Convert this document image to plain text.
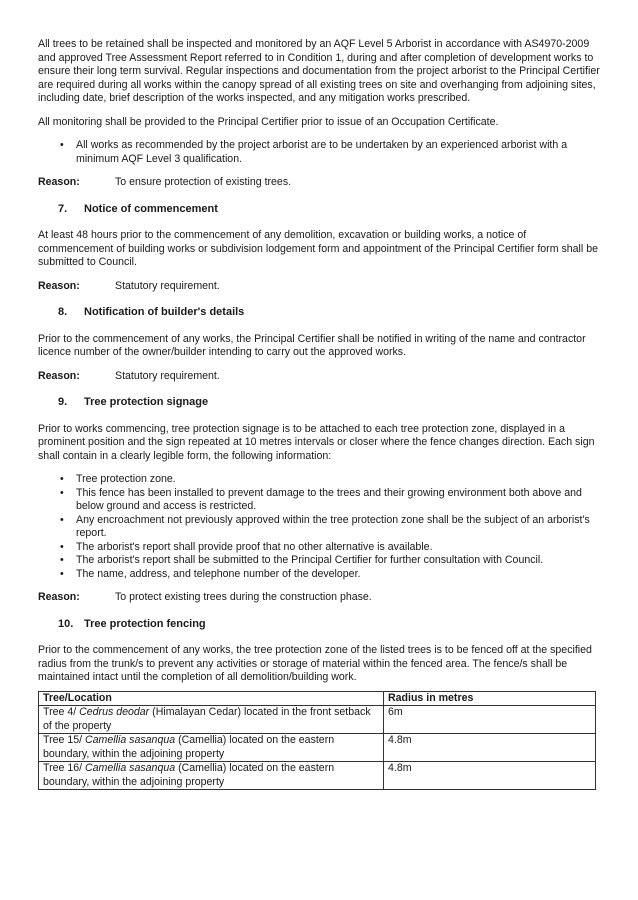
All trees to be retained shall be inspected and monitored by an AQF Level 5 Arborist in accordance with AS4970-2009 and approved Tree Assessment Report referred to in Condition 1, during and after completion of development works to ensure their long term survival. Regular inspections and documentation from the project arborist to the Principal Certifier are required during all works within the canopy spread of all existing trees on site and overhanging from adjoining sites, including date, brief description of the works inspected, and any mitigation works prescribed.

All monitoring shall be provided to the Principal Certifier prior to issue of an Occupation Certificate.

• All works as recommended by the project arborist are to be undertaken by an experienced arborist with a minimum AQF Level 3 qualification.

Reason:	To ensure protection of existing trees.

7. Notice of commencement

At least 48 hours prior to the commencement of any demolition, excavation or building works, a notice of commencement of building works or subdivision lodgement form and appointment of the Principal Certifier form shall be submitted to Council.

Reason:	Statutory requirement.

8. Notification of builder's details

Prior to the commencement of any works, the Principal Certifier shall be notified in writing of the name and contractor licence number of the owner/builder intending to carry out the approved works.

Reason:	Statutory requirement.

9. Tree protection signage

Prior to works commencing, tree protection signage is to be attached to each tree protection zone, displayed in a prominent position and the sign repeated at 10 metres intervals or closer where the fence changes direction. Each sign shall contain in a clearly legible form, the following information:

• Tree protection zone.
• This fence has been installed to prevent damage to the trees and their growing environment both above and below ground and access is restricted.
• Any encroachment not previously approved within the tree protection zone shall be the subject of an arborist's report.
• The arborist's report shall provide proof that no other alternative is available.
• The arborist's report shall be submitted to the Principal Certifier for further consultation with Council.
• The name, address, and telephone number of the developer.

Reason:	To protect existing trees during the construction phase.

10. Tree protection fencing

Prior to the commencement of any works, the tree protection zone of the listed trees is to be fenced off at the specified radius from the trunk/s to prevent any activities or storage of material within the fenced area. The fence/s shall be maintained intact until the completion of all demolition/building work.

Tree/Location	Radius in metres
Tree 4/ Cedrus deodar (Himalayan Cedar) located in the front setback of the property	6m
Tree 15/ Camellia sasanqua (Camellia) located on the eastern boundary, within the adjoining property	4.8m
Tree 16/ Camellia sasanqua (Camellia) located on the eastern boundary, within the adjoining property	4.8m
